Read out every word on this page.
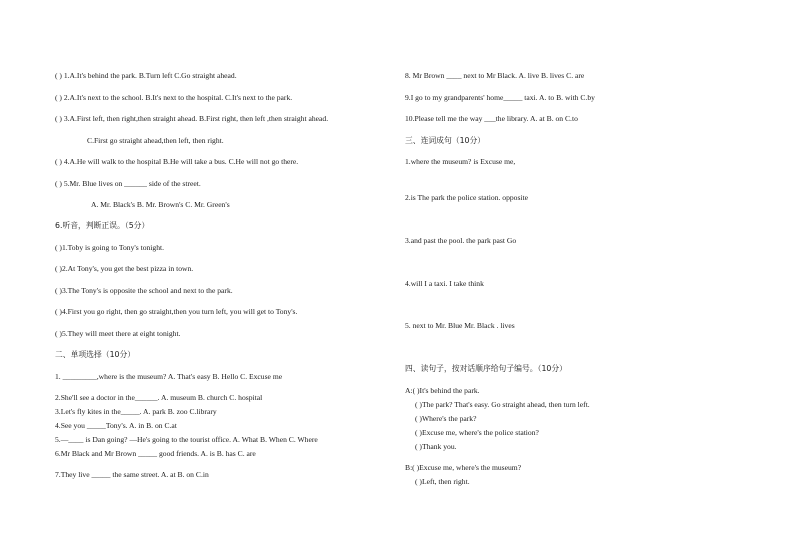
( ) 1.A.It's behind the park. B.Turn left C.Go straight ahead.
( ) 2.A.It's next to the school. B.It's next to the hospital. C.It's next to the park.
( ) 3.A.First left, then right,then straight ahead. B.First right, then left ,then straight ahead.
C.First go straight ahead,then left, then right.
( ) 4.A.He will walk to the hospital B.He will take a bus. C.He will not go there.
( ) 5.Mr. Blue lives on ______ side of the street.
A. Mr. Black's B. Mr. Brown's C. Mr. Green's
6.听音，判断正误。（5分）
( )1.Toby is going to Tony's tonight.
( )2.At Tony's, you get the best pizza in town.
( )3.The Tony's is opposite the school and next to the park.
( )4.First you go right, then go straight,then you turn left, you will get to Tony's.
( )5.They will meet there at eight tonight.
二、单项选择（10分）
1. _________,where is the museum? A. That's easy B. Hello C. Excuse me
2.She'll see a doctor in the______. A. museum B. church C. hospital
3.Let's fly kites in the_____. A. park B. zoo C.library
4.See you _____Tony's. A. in B. on C.at
5.—____ is Dan going? —He's going to the tourist office. A. What B. When C. Where
6.Mr Black and Mr Brown _____ good friends. A. is B. has C. are
7.They live _____ the same street. A. at B. on C.in
8. Mr Brown ____ next to Mr Black. A. live B. lives C. are
9.I go to my grandparents' home_____ taxi. A. to B. with C.by
10.Please tell me the way ___the library. A. at B. on C.to
三、连词成句（10分）
1.where the museum? is Excuse me,
2.is The park the police station. opposite
3.and past the pool. the park past Go
4.will I a taxi. I take think
5. next to Mr. Blue Mr. Black . lives
四、读句子，按对话顺序给句子编号。（10分）
A:( )It's behind the park.
( )The park? That's easy. Go straight ahead, then turn left.
( )Where's the park?
( )Excuse me, where's the police station?
( )Thank you.
B:( )Excuse me, where's the museum?
( )Left, then right.
